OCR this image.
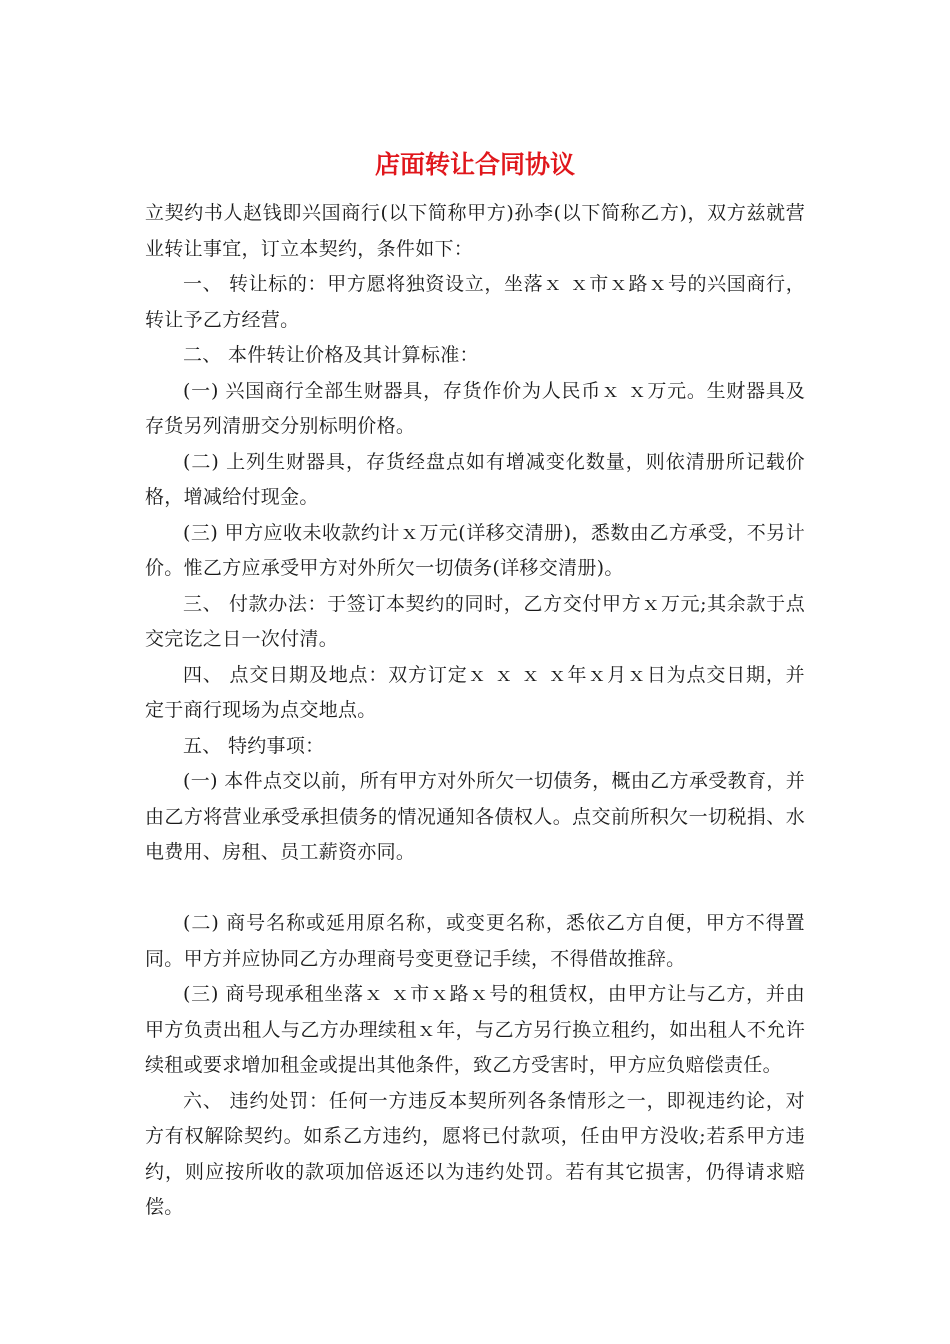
店面转让合同协议

立契约书人赵钱即兴国商行(以下简称甲方)孙李(以下简称乙方)，双方兹就营业转让事宜，订立本契约，条件如下：

一、 转让标的：甲方愿将独资设立，坐落ｘ ｘ市ｘ路ｘ号的兴国商行，转让予乙方经营。

二、 本件转让价格及其计算标准：

(一) 兴国商行全部生财器具，存货作价为人民币ｘ ｘ万元。生财器具及存货另列清册交分别标明价格。

(二) 上列生财器具，存货经盘点如有增减变化数量，则依清册所记载价格，增减给付现金。

(三) 甲方应收未收款约计ｘ万元(详移交清册)，悉数由乙方承受，不另计价。惟乙方应承受甲方对外所欠一切债务(详移交清册)。

三、 付款办法：于签订本契约的同时，乙方交付甲方ｘ万元;其余款于点交完讫之日一次付清。

四、 点交日期及地点：双方订定ｘ ｘ ｘ ｘ年ｘ月ｘ日为点交日期，并定于商行现场为点交地点。

五、 特约事项：

(一) 本件点交以前，所有甲方对外所欠一切债务，概由乙方承受教育，并由乙方将营业承受承担债务的情况通知各债权人。点交前所积欠一切税捐、水电费用、房租、员工薪资亦同。

(二) 商号名称或延用原名称，或变更名称，悉依乙方自便，甲方不得置同。甲方并应协同乙方办理商号变更登记手续，不得借故推辞。

(三) 商号现承租坐落ｘ ｘ市ｘ路ｘ号的租赁权，由甲方让与乙方，并由甲方负责出租人与乙方办理续租ｘ年，与乙方另行换立租约，如出租人不允许续租或要求增加租金或提出其他条件，致乙方受害时，甲方应负赔偿责任。

六、 违约处罚：任何一方违反本契所列各条情形之一，即视违约论，对方有权解除契约。如系乙方违约，愿将已付款项，任由甲方没收;若系甲方违约，则应按所收的款项加倍返还以为违约处罚。若有其它损害，仍得请求赔偿。
